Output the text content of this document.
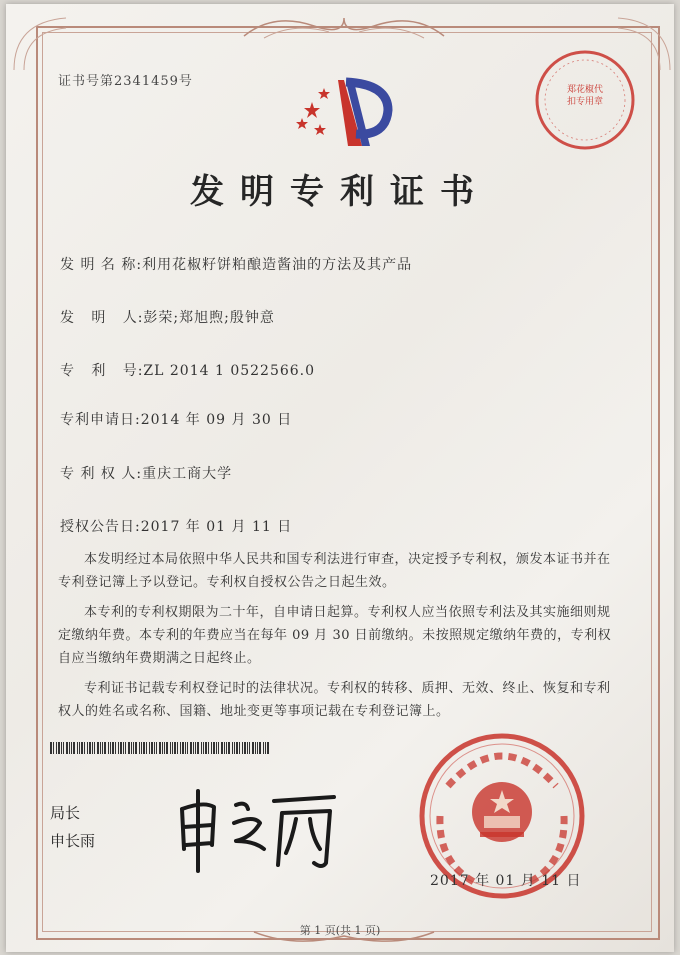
证书号第2341459号
郑花椒代扣专用章
发明专利证书
发 明 名 称:利用花椒籽饼粕酿造酱油的方法及其产品
发   明   人:彭荣;郑旭煦;殷钟意
专   利   号:ZL 2014 1 0522566.0
专利申请日:2014 年 09 月 30 日
专 利 权 人:重庆工商大学
授权公告日:2017 年 01 月 11 日

本发明经过本局依照中华人民共和国专利法进行审查，决定授予专利权，颁发本证书并在专利登记簿上予以登记。专利权自授权公告之日起生效。

本专利的专利权期限为二十年，自申请日起算。专利权人应当依照专利法及其实施细则规定缴纳年费。本专利的年费应当在每年 09 月 30 日前缴纳。未按照规定缴纳年费的，专利权自应当缴纳年费期满之日起终止。

专利证书记载专利权登记时的法律状况。专利权的转移、质押、无效、终止、恢复和专利权人的姓名或名称、国籍、地址变更等事项记载在专利登记簿上。

局长
申长雨
2017 年 01 月 11 日
第 1 页(共 1 页)
